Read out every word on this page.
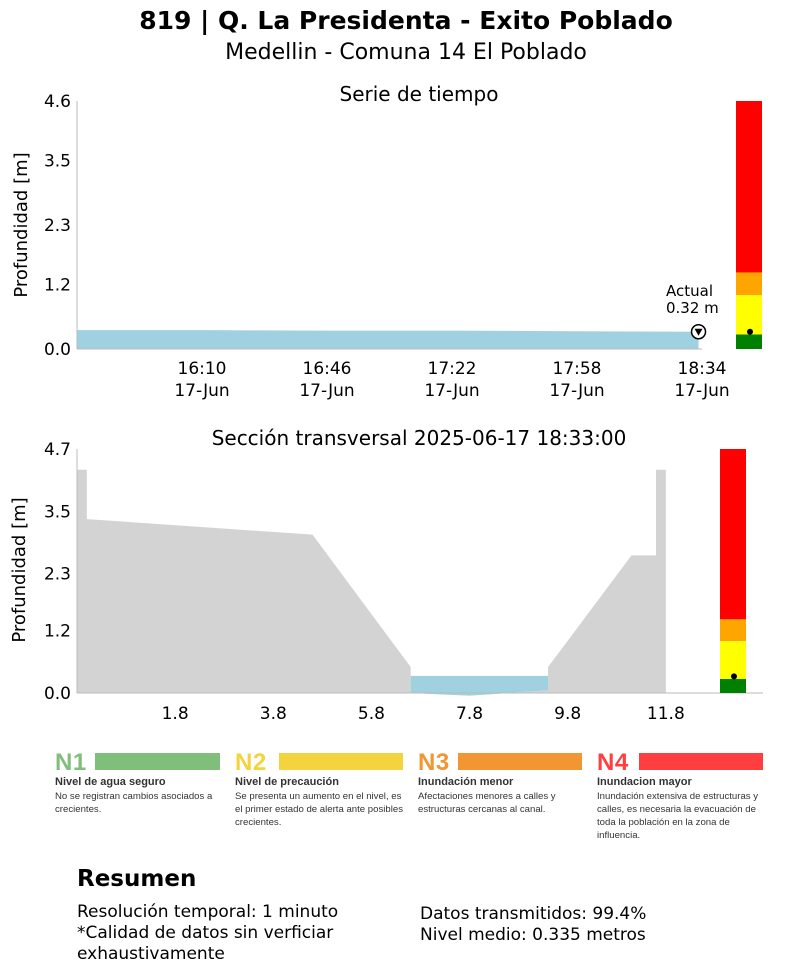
819 | Q. La Presidenta - Exito Poblado
Medellin - Comuna 14 El Poblado
Serie de tiempo
0.0
1.2
2.3
3.5
4.6
Profundidad [m]
16:10
17-Jun
16:46
17-Jun
17:22
17-Jun
17:58
17-Jun
18:34
17-Jun
Actual
0.32 m
Sección transversal 2025-06-17 18:33:00
0.0
1.2
2.3
3.5
4.7
Profundidad [m]
1.8	3.8	5.8	7.8	9.8	11.8
N1
Nivel de agua seguro
No se registran cambios asociados a crecientes.
N2
Nivel de precaución
Se presenta un aumento en el nivel, es el primer estado de alerta ante posibles crecientes.
N3
Inundación menor
Afectaciones menores a calles y estructuras cercanas al canal.
N4
Inundacion mayor
Inundación extensiva de estructuras y calles, es necesaria la evacuación de toda la población en la zona de influencia.
Resumen
Resolución temporal: 1 minuto
*Calidad de datos sin verficiar
exhaustivamente
Datos transmitidos: 99.4%
Nivel medio: 0.335 metros
